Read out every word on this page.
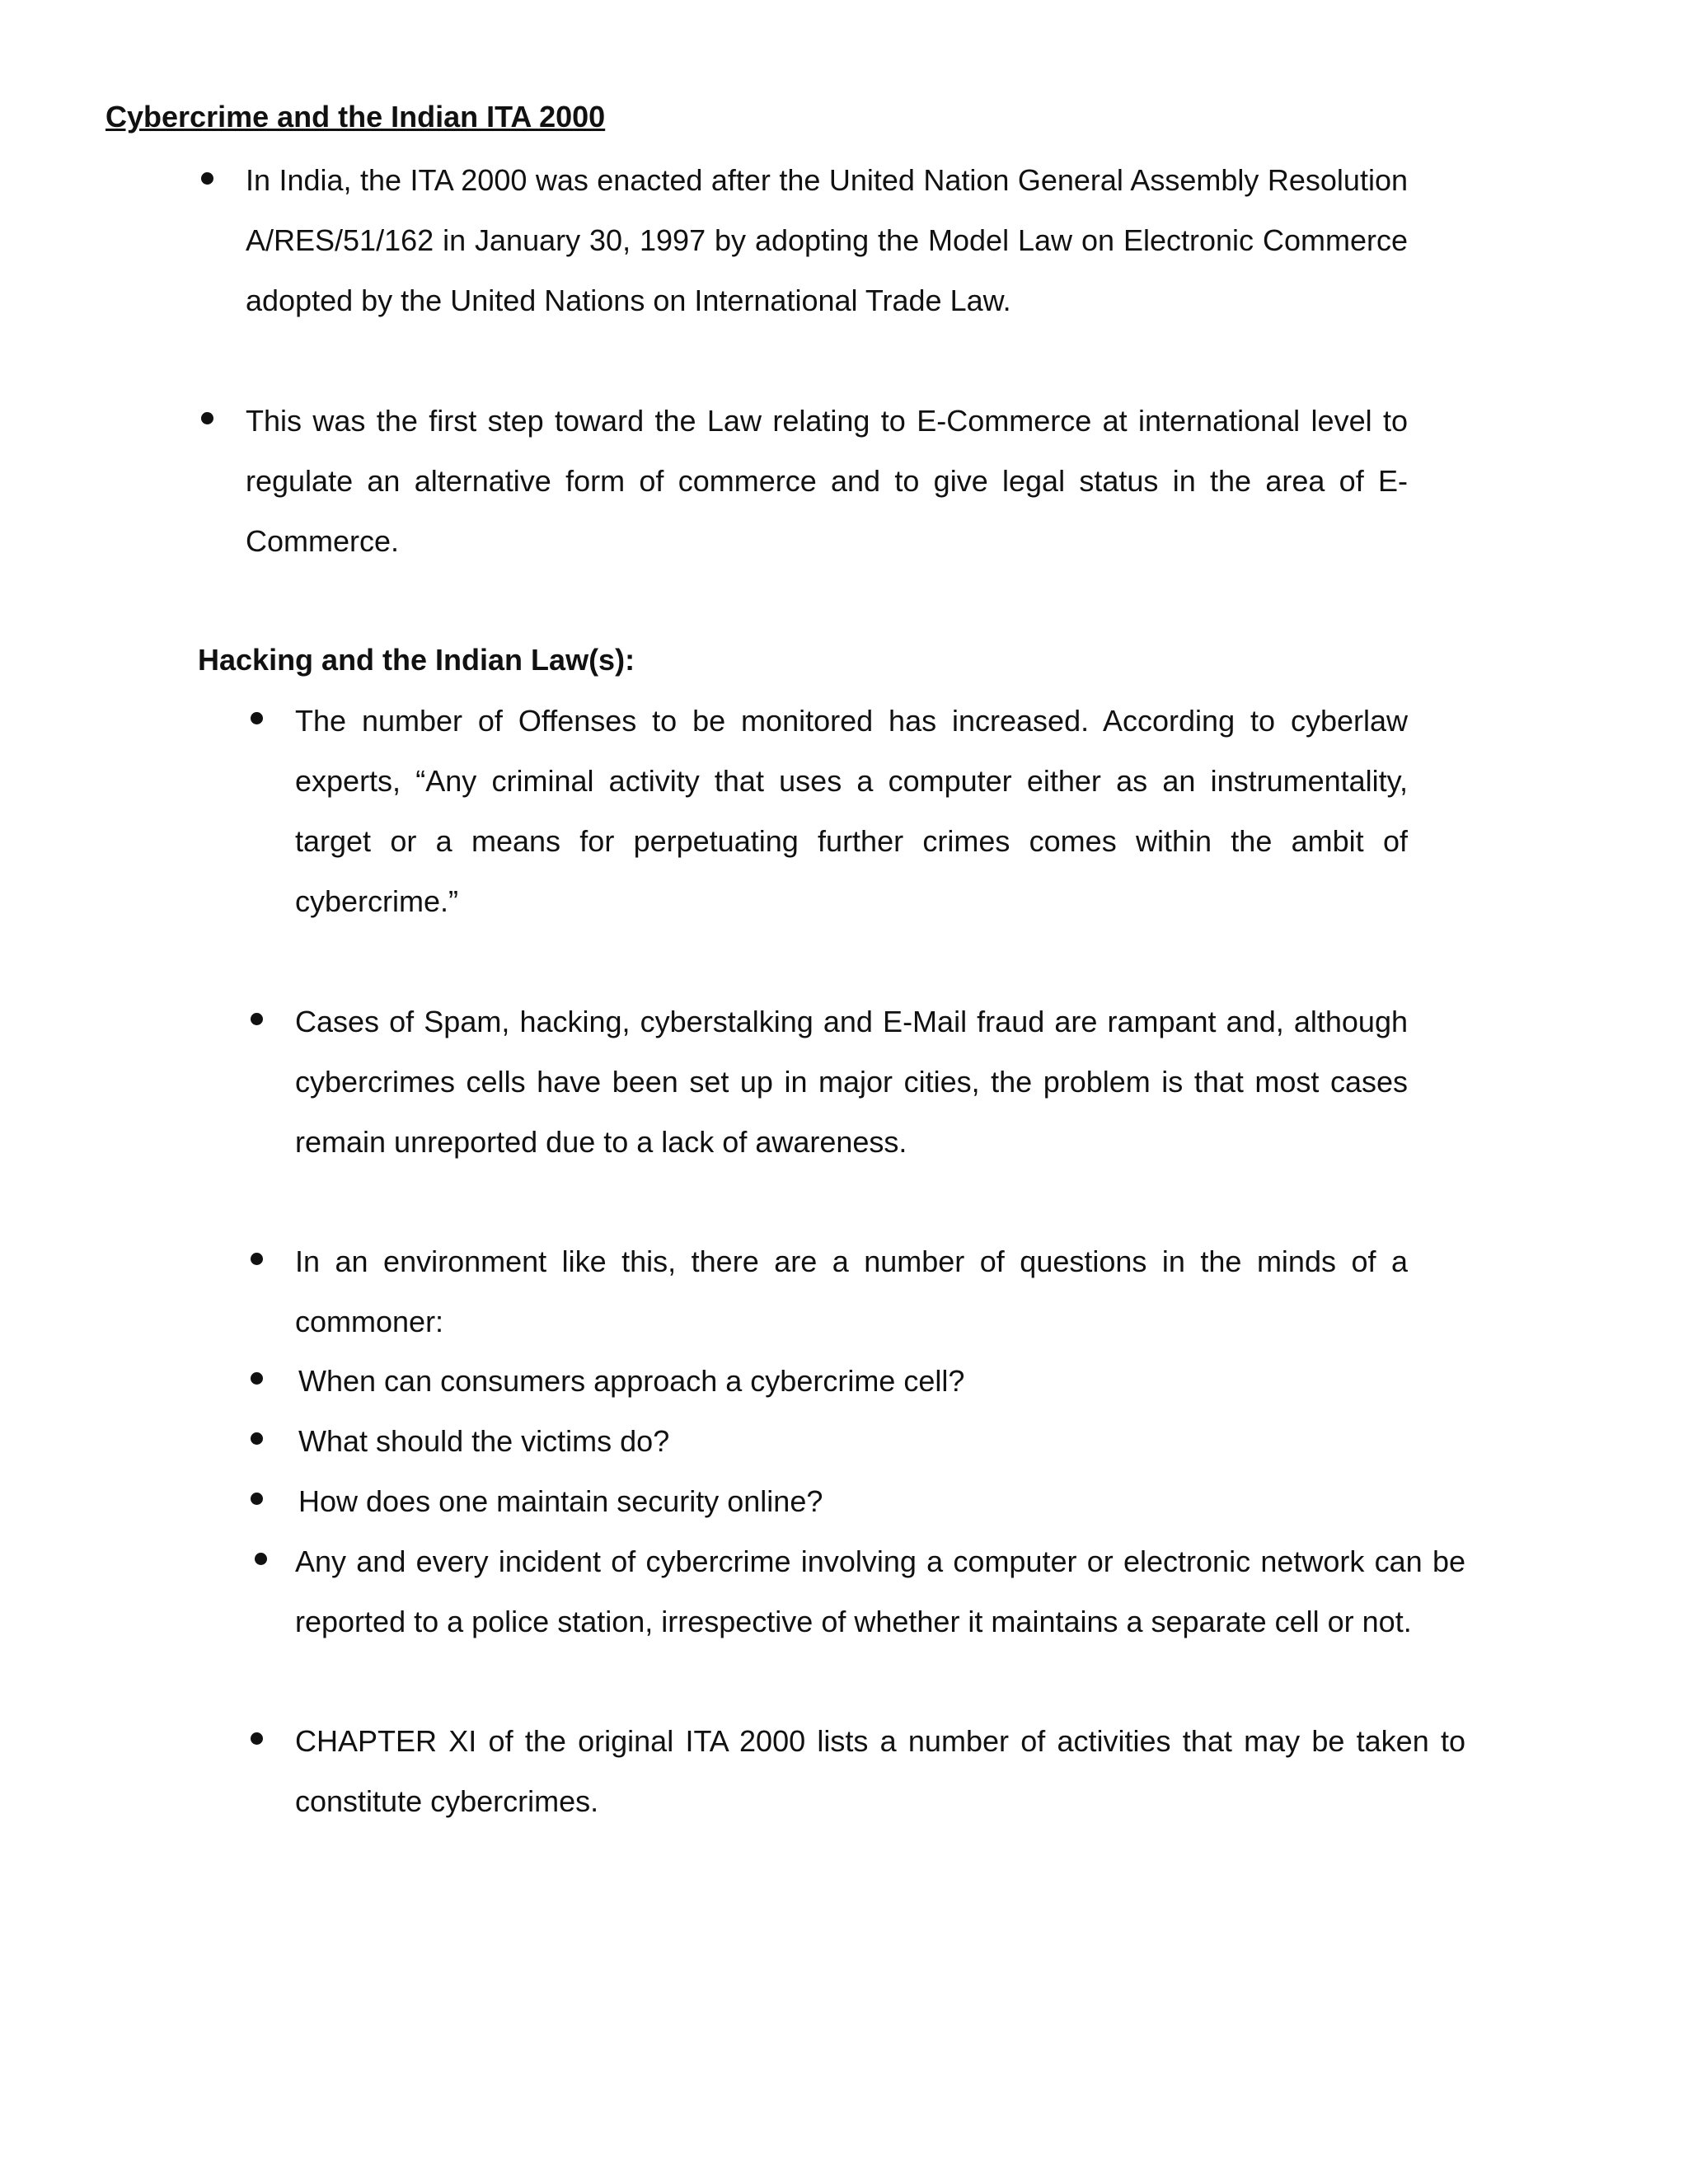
Cybercrime and the Indian ITA 2000
In India, the ITA 2000 was enacted after the United Nation General Assembly Resolution A/RES/51/162 in January 30, 1997 by adopting the Model Law on Electronic Commerce adopted by the United Nations on International Trade Law.
This was the first step toward the Law relating to E-Commerce at international level to regulate an alternative form of commerce and to give legal status in the area of E-Commerce.
Hacking and the Indian Law(s):
The number of Offenses to be monitored has increased. According to cyberlaw experts, “Any criminal activity that uses a computer either as an instrumentality, target or a means for perpetuating further crimes comes within the ambit of cybercrime.”
Cases of Spam, hacking, cyberstalking and E-Mail fraud are rampant and, although cybercrimes cells have been set up in major cities, the problem is that most cases remain unreported due to a lack of awareness.
In an environment like this, there are a number of questions in the minds of a commoner:
When can consumers approach a cybercrime cell?
What should the victims do?
How does one maintain security online?
Any and every incident of cybercrime involving a computer or electronic network can be reported to a police station, irrespective of whether it maintains a separate cell or not.
CHAPTER XI of the original ITA 2000 lists a number of activities that may be taken to constitute cybercrimes.
